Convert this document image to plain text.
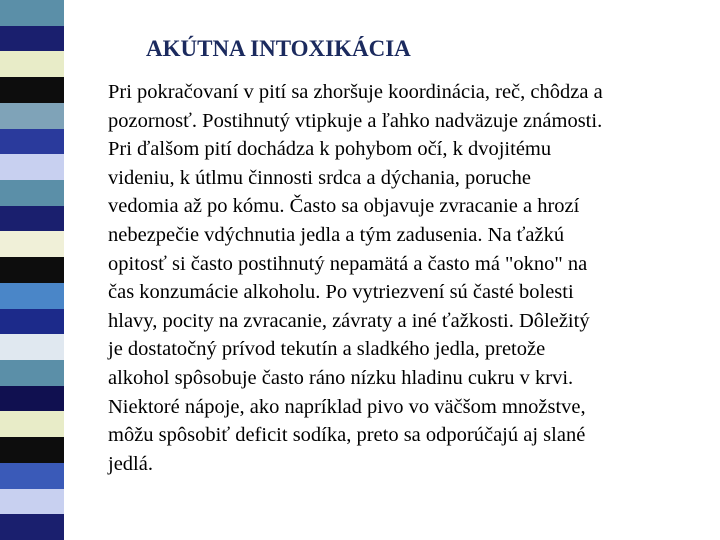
AKÚTNA INTOXIKÁCIA
Pri pokračovaní v pití sa zhoršuje koordinácia, reč, chôdza a
pozornosť. Postihnutý vtipkuje a ľahko nadväzuje známosti.
Pri ďalšom pití dochádza k pohybom očí, k dvojitému
videniu, k útlmu činnosti srdca a dýchania, poruche
vedomia až po kómu. Často sa objavuje zvracanie a hrozí
nebezpečie vdýchnutia jedla a tým zadusenia. Na ťažkú
opitosť si často postihnutý nepamätá a často má "okno" na
čas konzumácie alkoholu. Po vytriezvení sú časté bolesti
hlavy, pocity na zvracanie, závraty a iné ťažkosti. Dôležitý
je dostatočný prívod tekutín a sladkého jedla, pretože
alkohol spôsobuje často ráno nízku hladinu cukru v krvi.
Niektoré nápoje, ako napríklad pivo vo väčšom množstve,
môžu spôsobiť deficit sodíka, preto sa odporúčajú aj slané
jedlá.
